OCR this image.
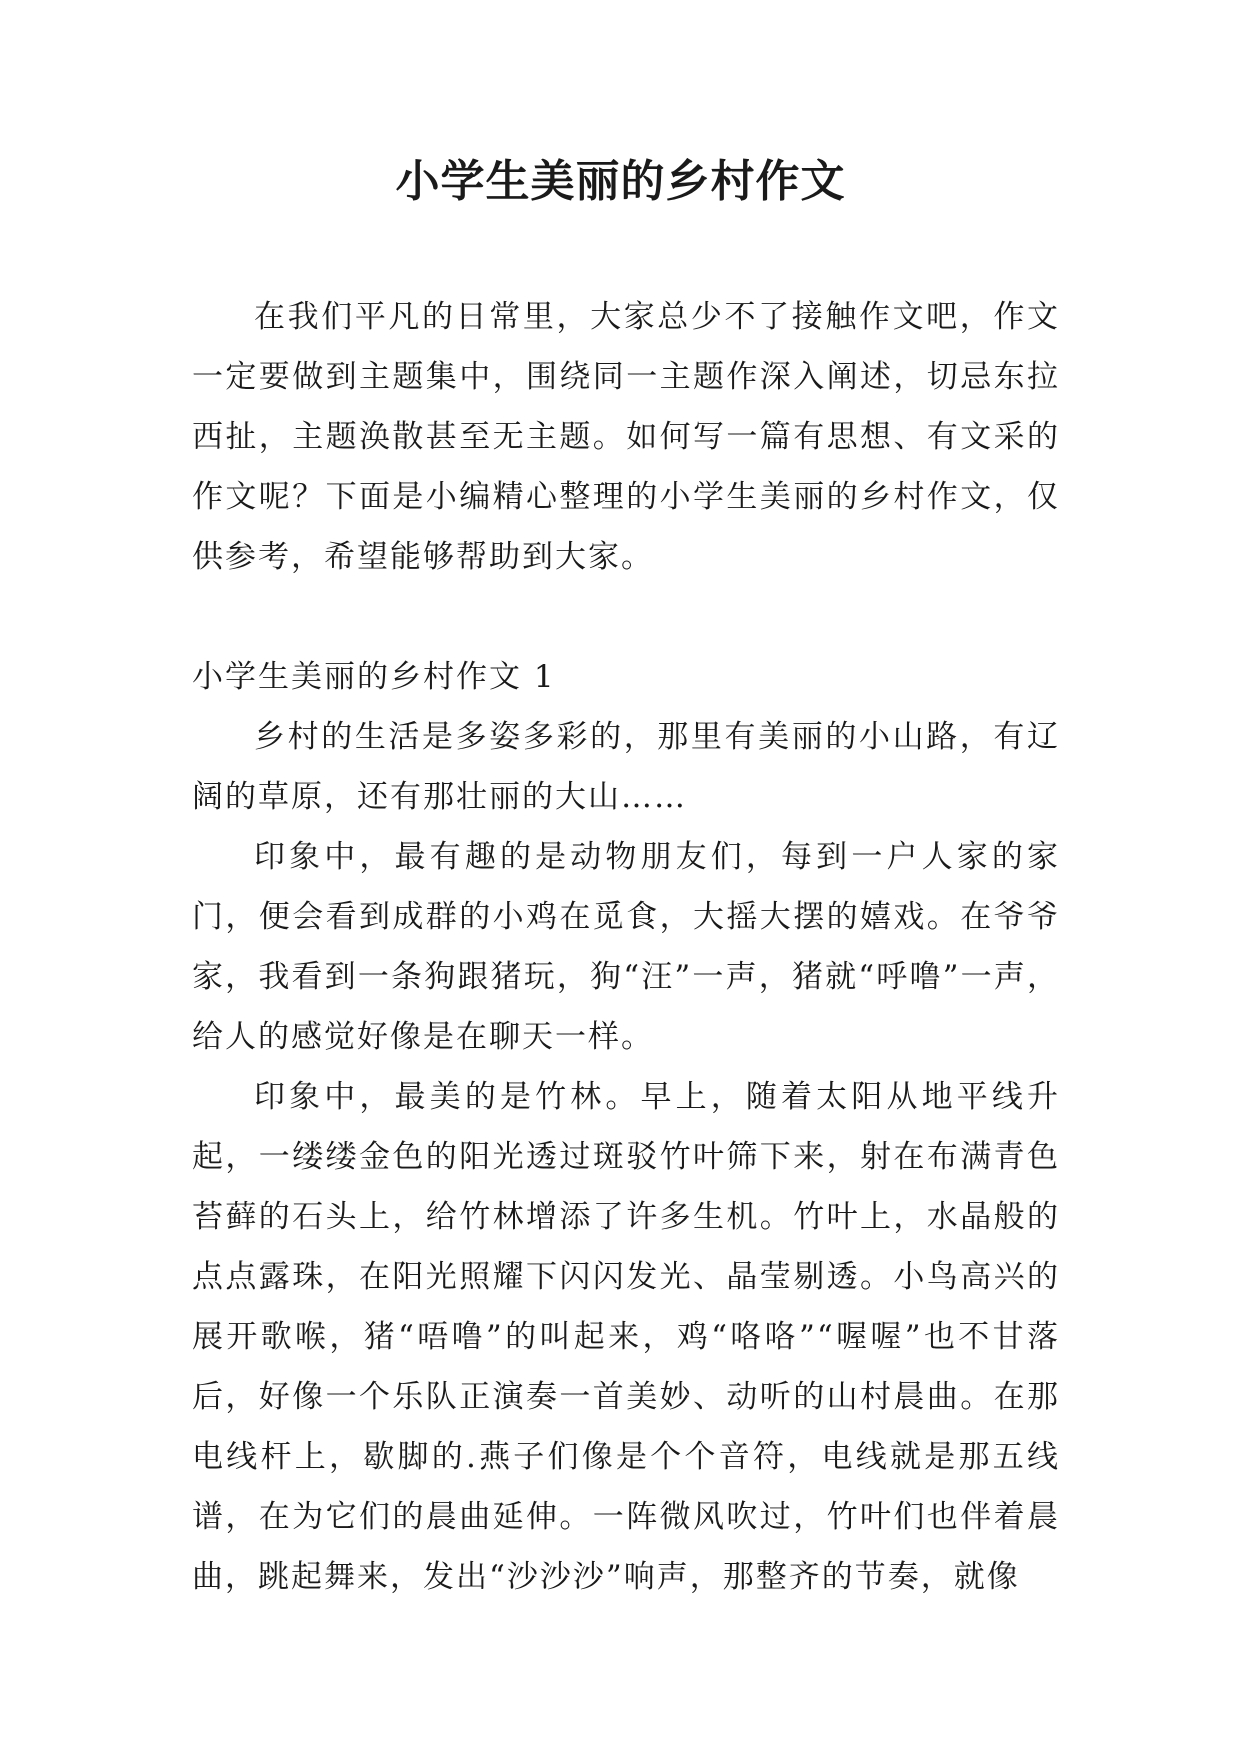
小学生美丽的乡村作文

在我们平凡的日常里，大家总少不了接触作文吧，作文一定要做到主题集中，围绕同一主题作深入阐述，切忌东拉西扯，主题涣散甚至无主题。如何写一篇有思想、有文采的作文呢？下面是小编精心整理的小学生美丽的乡村作文，仅供参考，希望能够帮助到大家。

小学生美丽的乡村作文 1

乡村的生活是多姿多彩的，那里有美丽的小山路，有辽阔的草原，还有那壮丽的大山……

印象中，最有趣的是动物朋友们，每到一户人家的家门，便会看到成群的小鸡在觅食，大摇大摆的嬉戏。在爷爷家，我看到一条狗跟猪玩，狗“汪”一声，猪就“呼噜”一声，给人的感觉好像是在聊天一样。

印象中，最美的是竹林。早上，随着太阳从地平线升起，一缕缕金色的阳光透过斑驳竹叶筛下来，射在布满青色苔藓的石头上，给竹林增添了许多生机。竹叶上，水晶般的点点露珠，在阳光照耀下闪闪发光、晶莹剔透。小鸟高兴的展开歌喉，猪“唔噜”的叫起来，鸡“咯咯”“喔喔”也不甘落后，好像一个乐队正演奏一首美妙、动听的山村晨曲。在那电线杆上，歇脚的.燕子们像是个个音符，电线就是那五线谱，在为它们的晨曲延伸。一阵微风吹过，竹叶们也伴着晨曲，跳起舞来，发出“沙沙沙”响声，那整齐的节奏，就像
